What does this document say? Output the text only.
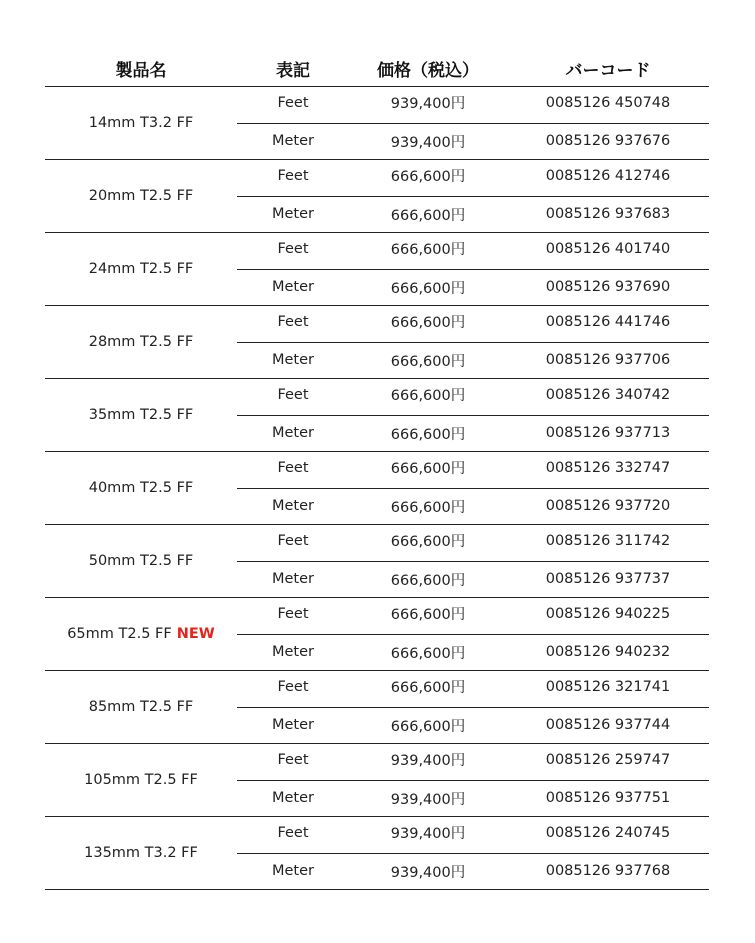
製品名	表記	価格（税込）	バーコード
14mm T3.2 FF
Feet	939,400円	0085126 450748
Meter	939,400円	0085126 937676
20mm T2.5 FF
Feet	666,600円	0085126 412746
Meter	666,600円	0085126 937683
24mm T2.5 FF
Feet	666,600円	0085126 401740
Meter	666,600円	0085126 937690
28mm T2.5 FF
Feet	666,600円	0085126 441746
Meter	666,600円	0085126 937706
35mm T2.5 FF
Feet	666,600円	0085126 340742
Meter	666,600円	0085126 937713
40mm T2.5 FF
Feet	666,600円	0085126 332747
Meter	666,600円	0085126 937720
50mm T2.5 FF
Feet	666,600円	0085126 311742
Meter	666,600円	0085126 937737
65mm T2.5 FF NEW
Feet	666,600円	0085126 940225
Meter	666,600円	0085126 940232
85mm T2.5 FF
Feet	666,600円	0085126 321741
Meter	666,600円	0085126 937744
105mm T2.5 FF
Feet	939,400円	0085126 259747
Meter	939,400円	0085126 937751
135mm T3.2 FF
Feet	939,400円	0085126 240745
Meter	939,400円	0085126 937768
